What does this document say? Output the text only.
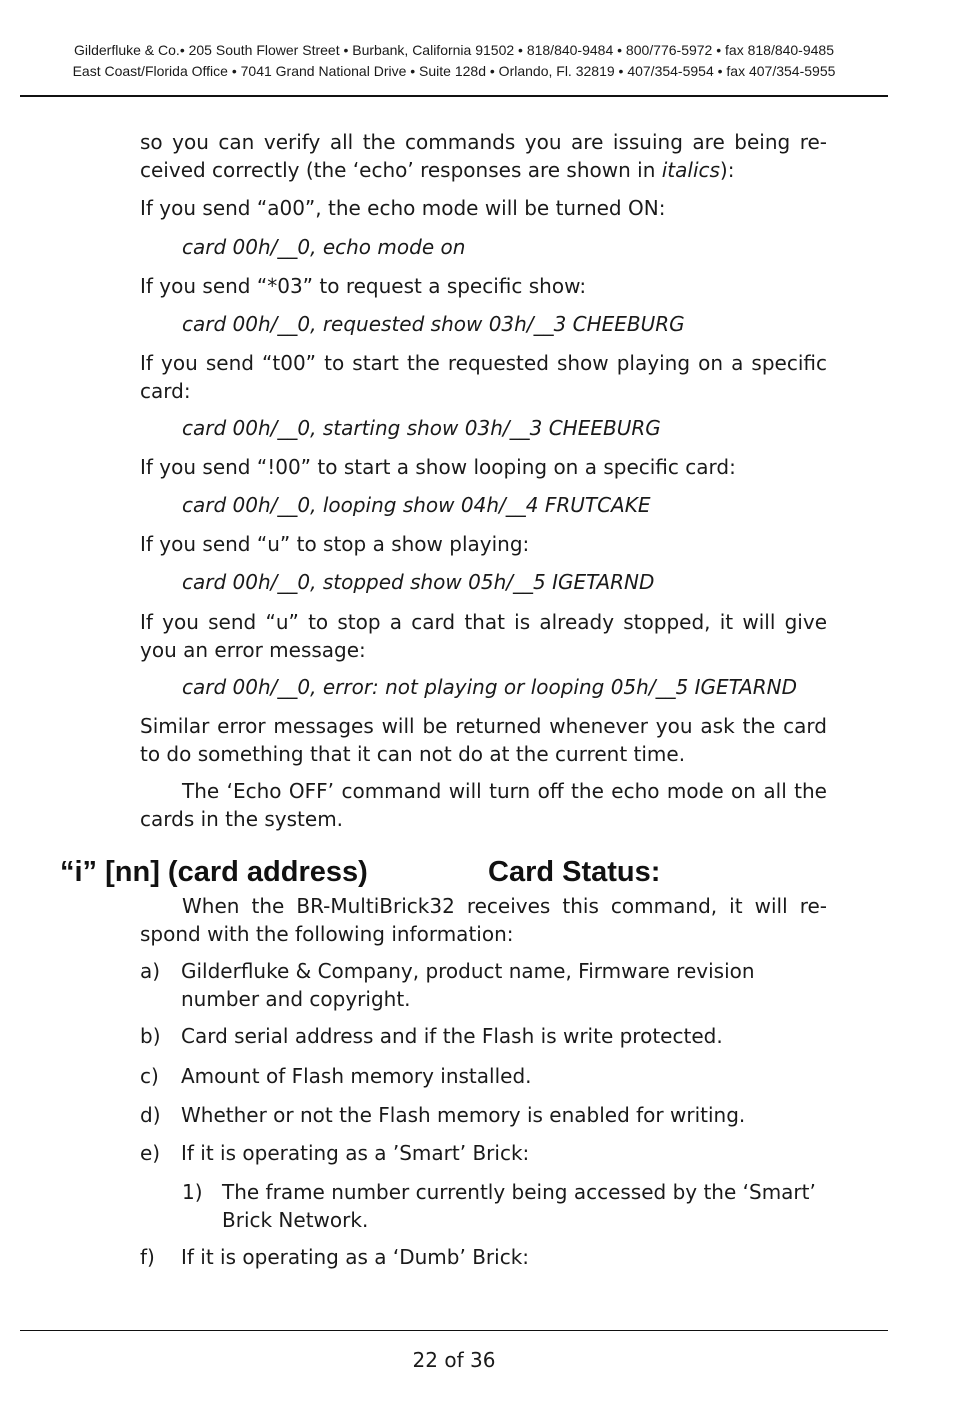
Gilderfluke & Co.• 205 South Flower Street • Burbank, California 91502 • 818/840-9484 • 800/776-5972 • fax 818/840-9485
East Coast/Florida Office • 7041 Grand National Drive • Suite 128d • Orlando, Fl. 32819 • 407/354-5954 • fax 407/354-5955
so you can verify all the commands you are issuing are being re-ceived correctly (the ‘echo’ responses are shown in italics):
If you send “a00”, the echo mode will be turned ON:
card 00h/__0, echo mode on
If you send “*03” to request a specific show:
card 00h/__0, requested show 03h/__3 CHEEBURG
If you send “t00” to start the requested show playing on a specific card:
card 00h/__0, starting show 03h/__3 CHEEBURG
If you send “!00” to start a show looping on a specific card:
card 00h/__0, looping show 04h/__4 FRUTCAKE
If you send “u” to stop a show playing:
card 00h/__0, stopped show 05h/__5 IGETARND
If you send “u” to stop a card that is already stopped, it will give you an error message:
card 00h/__0, error: not playing or looping 05h/__5 IGETARND
Similar error messages will be returned whenever you ask the card to do something that it can not do at the current time.
The ‘Echo OFF’ command will turn off the echo mode on all the cards in the system.
“i” [nn] (card address)	Card Status:
When the BR-MultiBrick32 receives this command, it will re-spond with the following information:
a) Gilderfluke & Company, product name, Firmware revision number and copyright.
b) Card serial address and if the Flash is write protected.
c) Amount of Flash memory installed.
d) Whether or not the Flash memory is enabled for writing.
e) If it is operating as a ’Smart’ Brick:
1) The frame number currently being accessed by the ‘Smart’ Brick Network.
f) If it is operating as a ‘Dumb’ Brick:
22 of 36
